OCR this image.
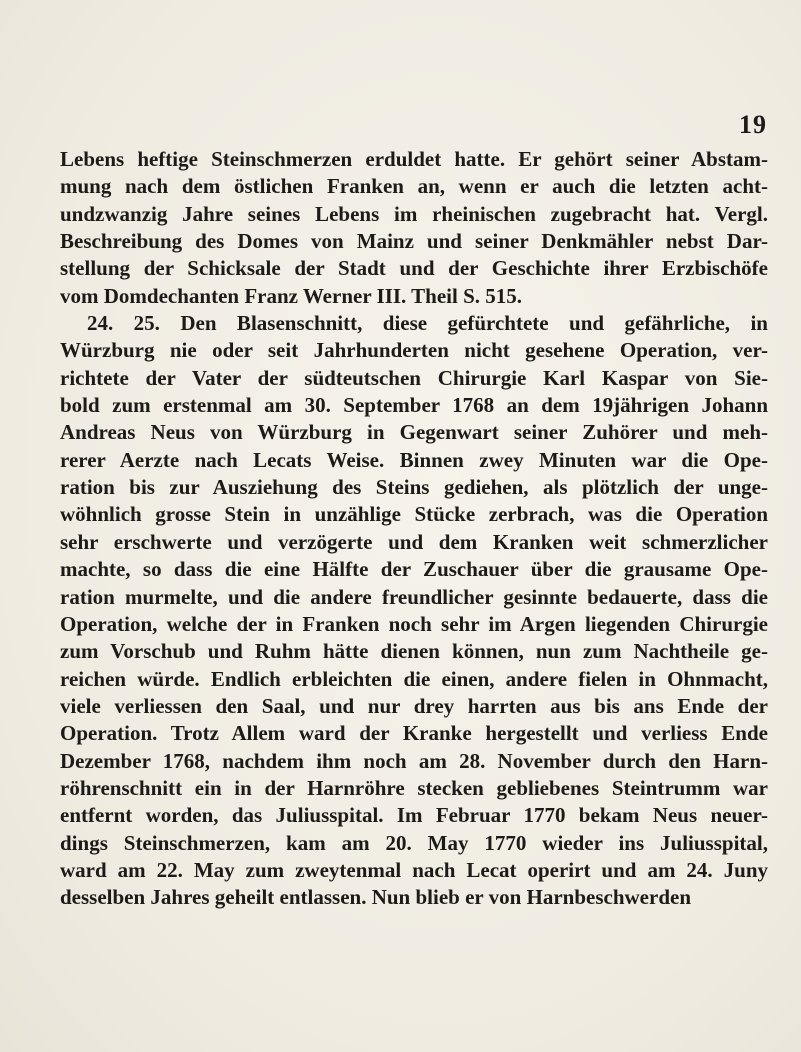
19
Lebens heftige Steinschmerzen erduldet hatte. Er gehört seiner Abstam-
mung nach dem östlichen Franken an, wenn er auch die letzten acht-
undzwanzig Jahre seines Lebens im rheinischen zugebracht hat. Vergl.
Beschreibung des Domes von Mainz und seiner Denkmähler nebst Dar-
stellung der Schicksale der Stadt und der Geschichte ihrer Erzbischöfe
vom Domdechanten Franz Werner III. Theil S. 515.
24. 25. Den Blasenschnitt, diese gefürchtete und gefährliche, in
Würzburg nie oder seit Jahrhunderten nicht gesehene Operation, ver-
richtete der Vater der südteutschen Chirurgie Karl Kaspar von Sie-
bold zum erstenmal am 30. September 1768 an dem 19jährigen Johann
Andreas Neus von Würzburg in Gegenwart seiner Zuhörer und meh-
rerer Aerzte nach Lecats Weise. Binnen zwey Minuten war die Ope-
ration bis zur Ausziehung des Steins gediehen, als plötzlich der unge-
wöhnlich grosse Stein in unzählige Stücke zerbrach, was die Operation
sehr erschwerte und verzögerte und dem Kranken weit schmerzlicher
machte, so dass die eine Hälfte der Zuschauer über die grausame Ope-
ration murmelte, und die andere freundlicher gesinnte bedauerte, dass die
Operation, welche der in Franken noch sehr im Argen liegenden Chirurgie
zum Vorschub und Ruhm hätte dienen können, nun zum Nachtheile ge-
reichen würde. Endlich erbleichten die einen, andere fielen in Ohnmacht,
viele verliessen den Saal, und nur drey harrten aus bis ans Ende der
Operation. Trotz Allem ward der Kranke hergestellt und verliess Ende
Dezember 1768, nachdem ihm noch am 28. November durch den Harn-
röhrenschnitt ein in der Harnröhre stecken gebliebenes Steintrumm war
entfernt worden, das Juliusspital. Im Februar 1770 bekam Neus neuer-
dings Steinschmerzen, kam am 20. May 1770 wieder ins Juliusspital,
ward am 22. May zum zweytenmal nach Lecat operirt und am 24. Juny
desselben Jahres geheilt entlassen. Nun blieb er von Harnbeschwerden
